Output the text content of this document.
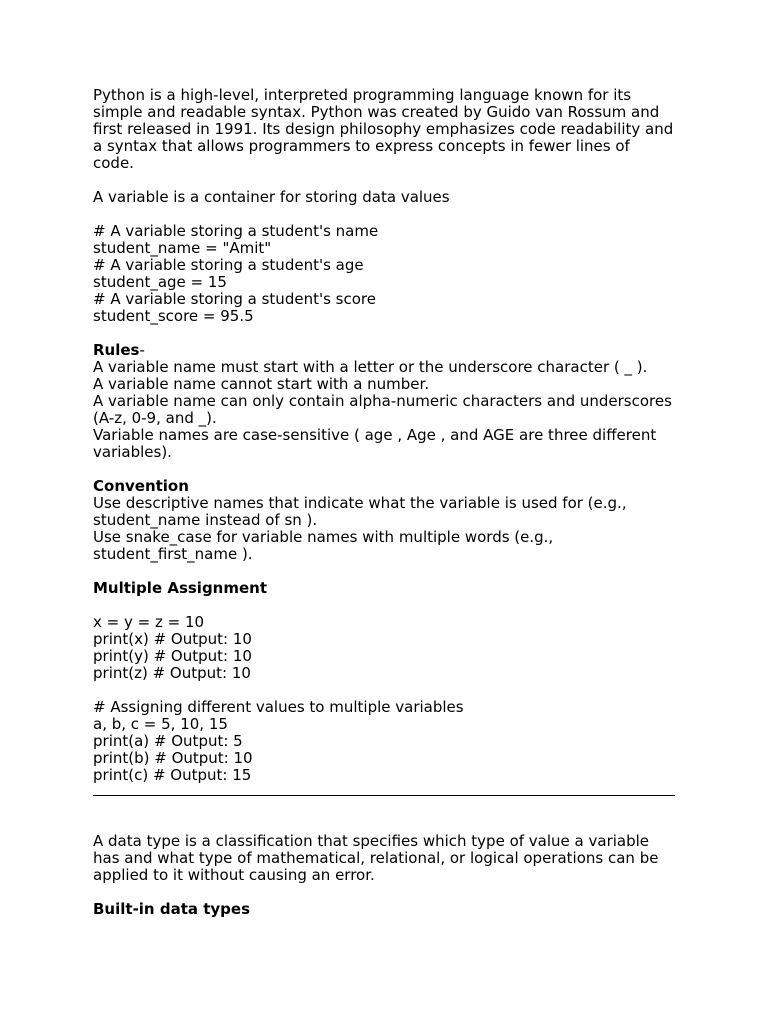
Python is a high-level, interpreted programming language known for its simple and readable syntax. Python was created by Guido van Rossum and first released in 1991. Its design philosophy emphasizes code readability and a syntax that allows programmers to express concepts in fewer lines of code.
A variable is a container for storing data values
# A variable storing a student's name
student_name = "Amit"
# A variable storing a student's age
student_age = 15
# A variable storing a student's score
student_score = 95.5
Rules-
A variable name must start with a letter or the underscore character ( _ ).
A variable name cannot start with a number.
A variable name can only contain alpha-numeric characters and underscores (A-z, 0-9, and _).
Variable names are case-sensitive ( age , Age , and AGE are three different variables).
Convention
Use descriptive names that indicate what the variable is used for (e.g., student_name instead of sn ).
Use snake_case for variable names with multiple words (e.g., student_first_name ).
Multiple Assignment
x = y = z = 10
print(x) # Output: 10
print(y) # Output: 10
print(z) # Output: 10
# Assigning different values to multiple variables
a, b, c = 5, 10, 15
print(a) # Output: 5
print(b) # Output: 10
print(c) # Output: 15
A data type is a classification that specifies which type of value a variable has and what type of mathematical, relational, or logical operations can be applied to it without causing an error.
Built-in data types
